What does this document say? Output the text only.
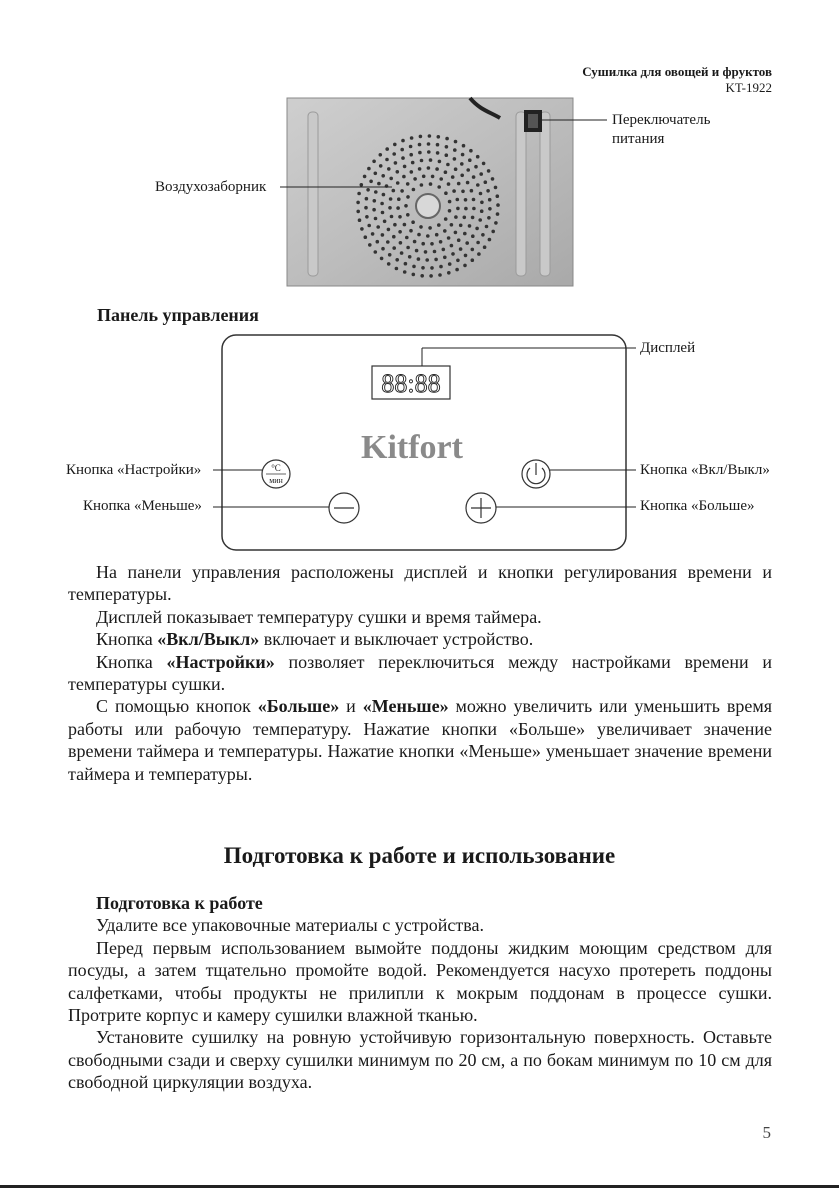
Сушилка для овощей и фруктов
KT-1922
Воздухозаборник
Переключатель
питания
Панель управления
88:88
Kitfort
°C
мин
Дисплей
Кнопка «Настройки»
Кнопка «Меньше»
Кнопка «Вкл/Выкл»
Кнопка «Больше»

На панели управления расположены дисплей и кнопки регулирования времени и температуры.

Дисплей показывает температуру сушки и время таймера.

Кнопка «Вкл/Выкл» включает и выключает устройство.

Кнопка «Настройки» позволяет переключиться между настройками времени и температуры сушки.

С помощью кнопок «Больше» и «Меньше» можно увеличить или уменьшить время работы или рабочую температуру. Нажатие кнопки «Больше» увеличивает значение времени таймера и температуры. Нажатие кнопки «Меньше» уменьшает значение времени таймера и температуры.

Подготовка к работе и использование

Подготовка к работе

Удалите все упаковочные материалы с устройства.

Перед первым использованием вымойте поддоны жидким моющим средством для посуды, а затем тщательно промойте водой. Рекомендуется насухо протереть поддоны салфетками, чтобы продукты не прилипли к мокрым поддонам в процессе сушки. Протрите корпус и камеру сушилки влажной тканью.

Установите сушилку на ровную устойчивую горизонтальную поверхность. Оставьте свободными сзади и сверху сушилки минимум по 20 см, а по бокам минимум по 10 см для свободной циркуляции воздуха.

5
